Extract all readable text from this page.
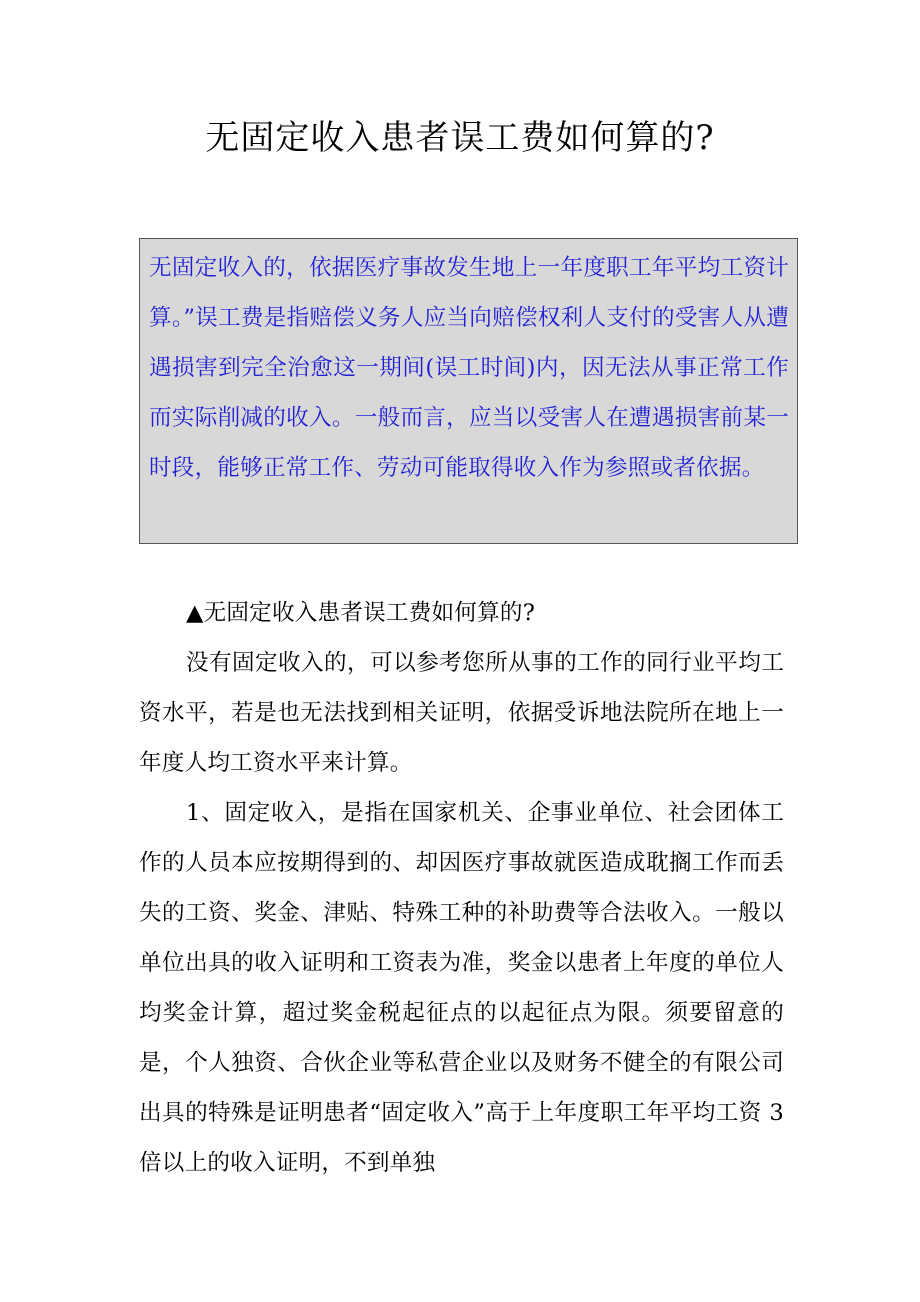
无固定收入患者误工费如何算的?

无固定收入的，依据医疗事故发生地上一年度职工年平均工资计算。”误工费是指赔偿义务人应当向赔偿权利人支付的受害人从遭遇损害到完全治愈这一期间(误工时间)内，因无法从事正常工作而实际削减的收入。一般而言，应当以受害人在遭遇损害前某一时段，能够正常工作、劳动可能取得收入作为参照或者依据。

▲无固定收入患者误工费如何算的?

没有固定收入的，可以参考您所从事的工作的同行业平均工资水平，若是也无法找到相关证明，依据受诉地法院所在地上一年度人均工资水平来计算。

1、固定收入，是指在国家机关、企事业单位、社会团体工作的人员本应按期得到的、却因医疗事故就医造成耽搁工作而丢失的工资、奖金、津贴、特殊工种的补助费等合法收入。一般以单位出具的收入证明和工资表为准，奖金以患者上年度的单位人均奖金计算，超过奖金税起征点的以起征点为限。须要留意的是，个人独资、合伙企业等私营企业以及财务不健全的有限公司出具的特殊是证明患者“固定收入”高于上年度职工年平均工资 3 倍以上的收入证明，不到单独
